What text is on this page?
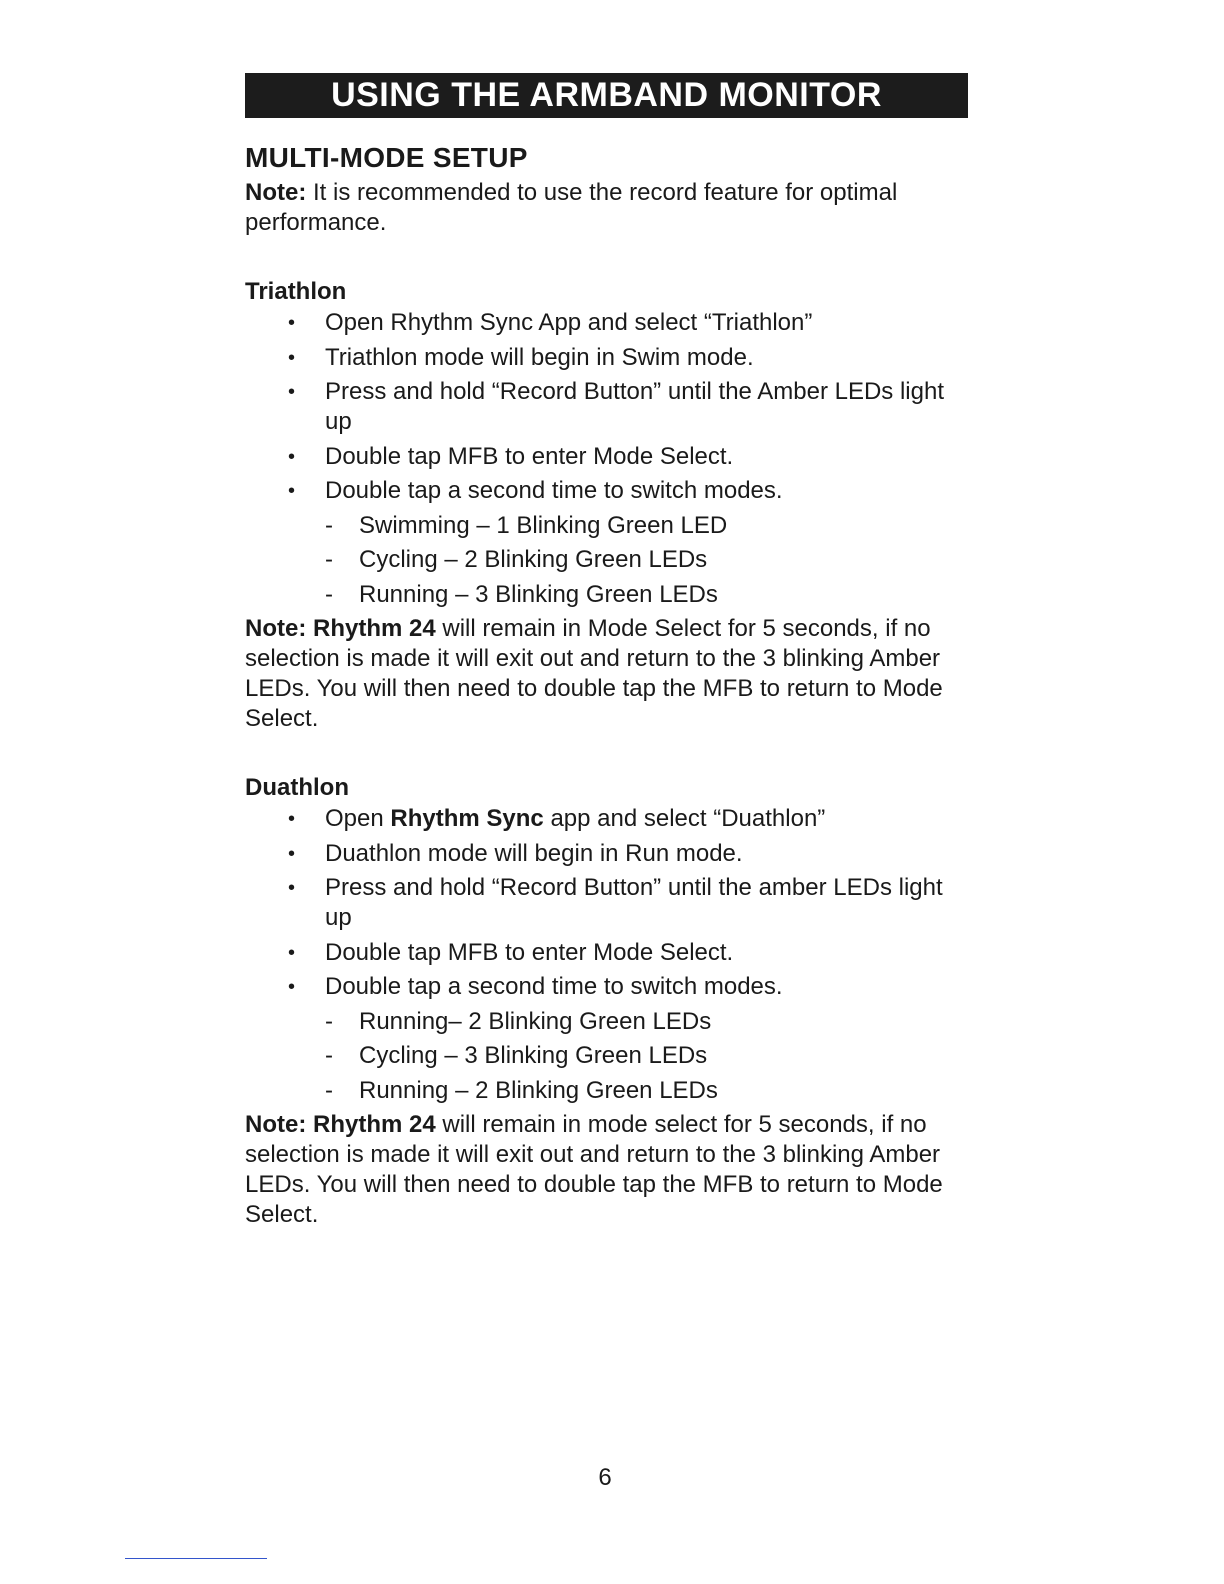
USING THE ARMBAND MONITOR
MULTI-MODE SETUP

Note: It is recommended to use the record feature for optimal performance.

Triathlon
• Open Rhythm Sync App and select “Triathlon”
• Triathlon mode will begin in Swim mode.
• Press and hold “Record Button” until the Amber LEDs light up
• Double tap MFB to enter Mode Select.
• Double tap a second time to switch modes.
- Swimming – 1 Blinking Green LED
- Cycling – 2 Blinking Green LEDs
- Running – 3 Blinking Green LEDs

Note: Rhythm 24 will remain in Mode Select for 5 seconds, if no selection is made it will exit out and return to the 3 blinking Amber LEDs. You will then need to double tap the MFB to return to Mode Select.

Duathlon
• Open Rhythm Sync app and select “Duathlon”
• Duathlon mode will begin in Run mode.
• Press and hold “Record Button” until the amber LEDs light up
• Double tap MFB to enter Mode Select.
• Double tap a second time to switch modes.
- Running– 2 Blinking Green LEDs
- Cycling – 3 Blinking Green LEDs
- Running – 2 Blinking Green LEDs

Note: Rhythm 24 will remain in mode select for 5 seconds, if no selection is made it will exit out and return to the 3 blinking Amber LEDs. You will then need to double tap the MFB to return to Mode Select.

6
